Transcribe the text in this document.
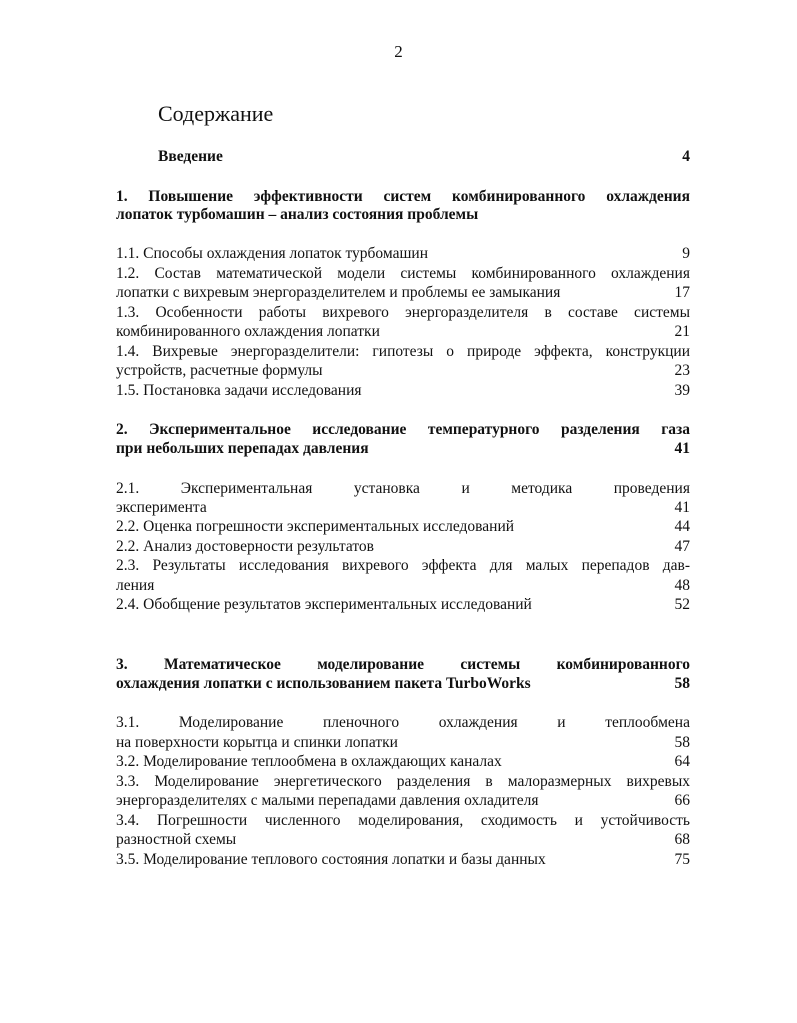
2
Содержание
Введение	4
1. Повышение эффективности систем комбинированного охлаждения
лопаток турбомашин – анализ состояния проблемы
1.1. Способы охлаждения лопаток турбомашин	9
1.2. Состав математической модели системы комбинированного охлаждения
лопатки с вихревым энергоразделителем и проблемы ее замыкания	17
1.3. Особенности работы вихревого энергоразделителя в составе системы
комбинированного охлаждения лопатки	21
1.4. Вихревые энергоразделители: гипотезы о природе эффекта, конструкции
устройств, расчетные формулы	23
1.5. Постановка задачи исследования	39
2. Экспериментальное исследование температурного разделения газа
при небольших перепадах давления	41
2.1.	Экспериментальная	установка	и	методика	проведения
эксперимента	41
2.2. Оценка погрешности экспериментальных исследований	44
2.2. Анализ достоверности результатов	47
2.3. Результаты исследования вихревого эффекта для малых перепадов дав-
ления	48
2.4. Обобщение результатов экспериментальных исследований	52
3. Математическое моделирование системы комбинированного
охлаждения лопатки с использованием пакета TurboWorks	58
3.1.	Моделирование	пленочного	охлаждения	и	теплообмена
на поверхности корытца и спинки лопатки	58
3.2. Моделирование теплообмена в охлаждающих каналах	64
3.3. Моделирование энергетического разделения в малоразмерных вихревых
энергоразделителях с малыми перепадами давления охладителя	66
3.4. Погрешности численного моделирования, сходимость и устойчивость
разностной схемы	68
3.5. Моделирование теплового состояния лопатки и базы данных	75
